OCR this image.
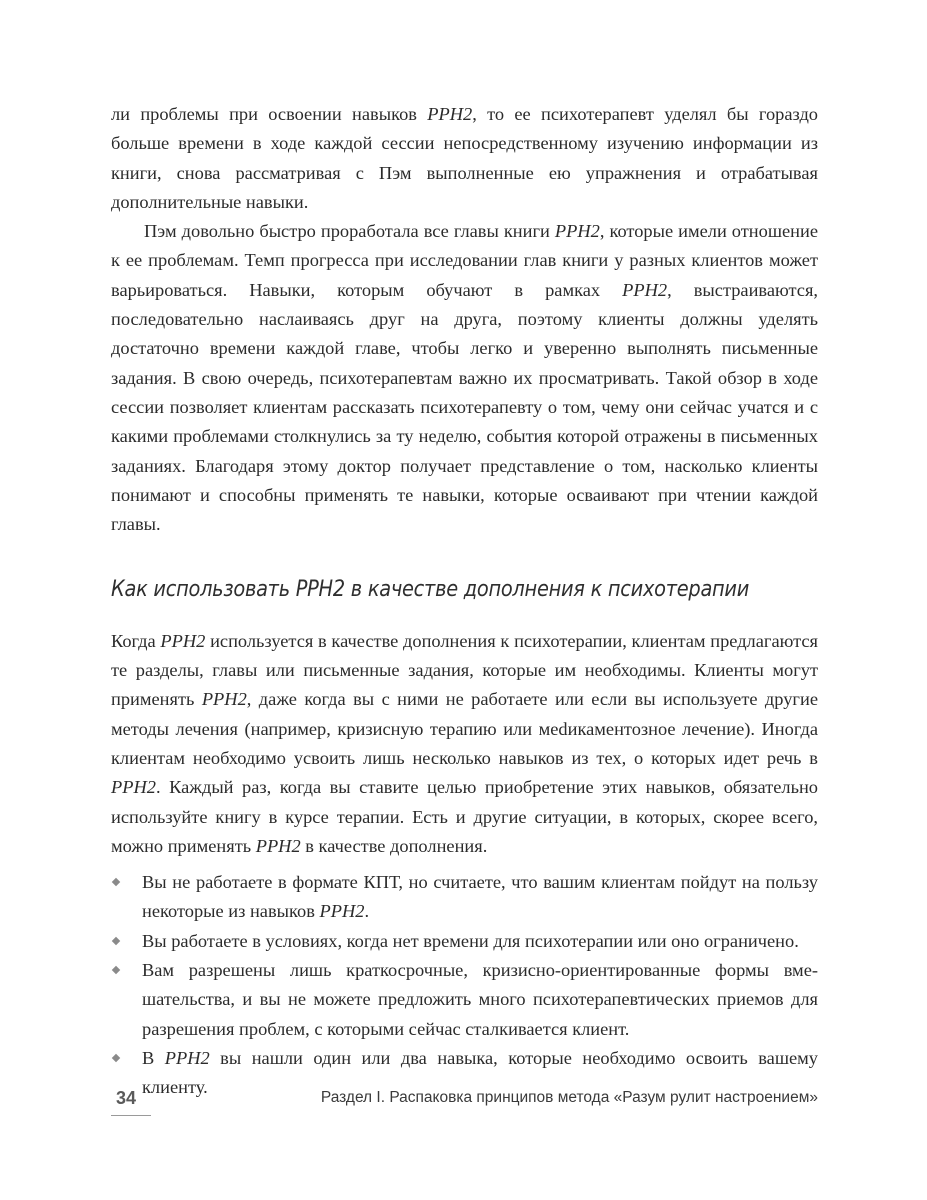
ли проблемы при освоении навыков РРН2, то ее психотерапевт уделял бы гораздо больше времени в ходе каждой сессии непосредственному изучению информации из книги, снова рассматривая с Пэм выполненные ею упражнения и отрабатывая дополнительные навыки.

Пэм довольно быстро проработала все главы книги РРН2, которые имели отношение к ее проблемам. Темп прогресса при исследовании глав книги у разных клиентов может варьироваться. Навыки, которым обучают в рамках РРН2, выстраиваются, последовательно наслаиваясь друг на друга, поэтому клиенты должны уделять достаточно времени каждой главе, чтобы легко и уверенно выполнять письменные задания. В свою очередь, психотерапевтам важно их просматривать. Такой обзор в ходе сессии позволяет клиентам рассказать психотерапевту о том, чему они сейчас учатся и с какими проблемами столкнулись за ту неделю, события которой отражены в письменных заданиях. Благодаря этому доктор получает представление о том, насколько клиенты понимают и способны применять те навыки, которые осваивают при чтении каждой главы.

Как использовать РРН2 в качестве дополнения к психотерапии

Когда РРН2 используется в качестве дополнения к психотерапии, клиентам предлагаются те разделы, главы или письменные задания, которые им необходимы. Клиенты могут применять РРН2, даже когда вы с ними не работаете или если вы используете другие методы лечения (например, кризисную терапию или меdикаментозное лечение). Иногда клиентам необходимо усвоить лишь несколько навыков из тех, о которых идет речь в РРН2. Каждый раз, когда вы ставите целью приобретение этих навыков, обязательно используйте книгу в курсе терапии. Есть и другие ситуации, в которых, скорее всего, можно применять РРН2 в качестве дополнения.

Вы не работаете в формате КПТ, но считаете, что вашим клиентам пойдут на пользу некоторые из навыков РРН2.
Вы работаете в условиях, когда нет времени для психотерапии или оно ограничено.
Вам разрешены лишь краткосрочные, кризисно-ориентированные формы вмешательства, и вы не можете предложить много психотерапевтических приемов для разрешения проблем, с которыми сейчас сталкивается клиент.
В РРН2 вы нашли один или два навыка, которые необходимо освоить вашему клиенту.
34	Раздел I. Распаковка принципов метода «Разум рулит настроением»
